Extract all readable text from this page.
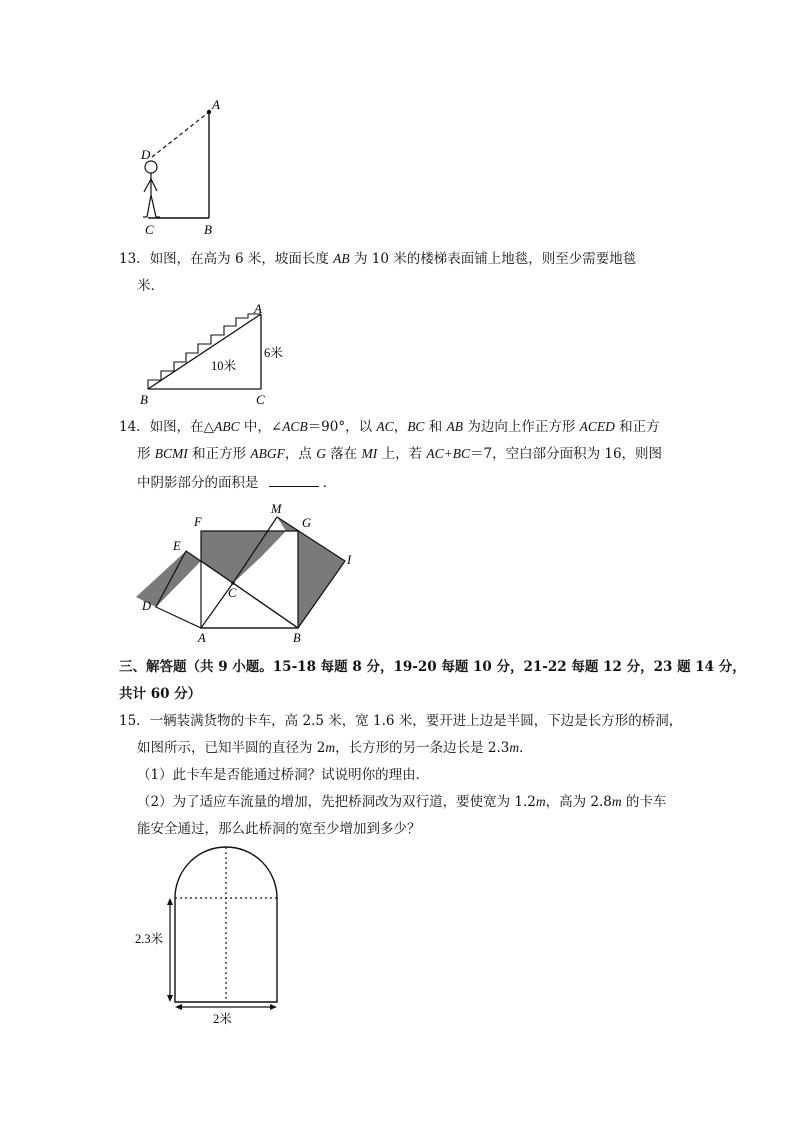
A
D
C	B
13．如图，在高为 6 米，坡面长度 AB 为 10 米的楼梯表面铺上地毯，则至少需要地毯
米．
A
B	C
10米
6米
14．如图，在△ABC 中，∠ACB＝90°，以 AC，BC 和 AB 为边向上作正方形 ACED 和正方
形 BCMI 和正方形 ABGF，点 G 落在 MI 上，若 AC+BC＝7，空白部分面积为 16，则图
中阴影部分的面积是	．
F
M
G
E
I
C
D
A	B
三、解答题（共 9 小题。15-18 每题 8 分，19-20 每题 10 分，21-22 每题 12 分，23 题 14 分，
共计 60 分）
15．一辆装满货物的卡车，高 2.5 米，宽 1.6 米，要开进上边是半圆，下边是长方形的桥洞，
如图所示，已知半圆的直径为 2m，长方形的另一条边长是 2.3m．
（1）此卡车是否能通过桥洞？试说明你的理由．
（2）为了适应车流量的增加，先把桥洞改为双行道，要使宽为 1.2m，高为 2.8m 的卡车
能安全通过，那么此桥洞的宽至少增加到多少？
2.3米
2米
